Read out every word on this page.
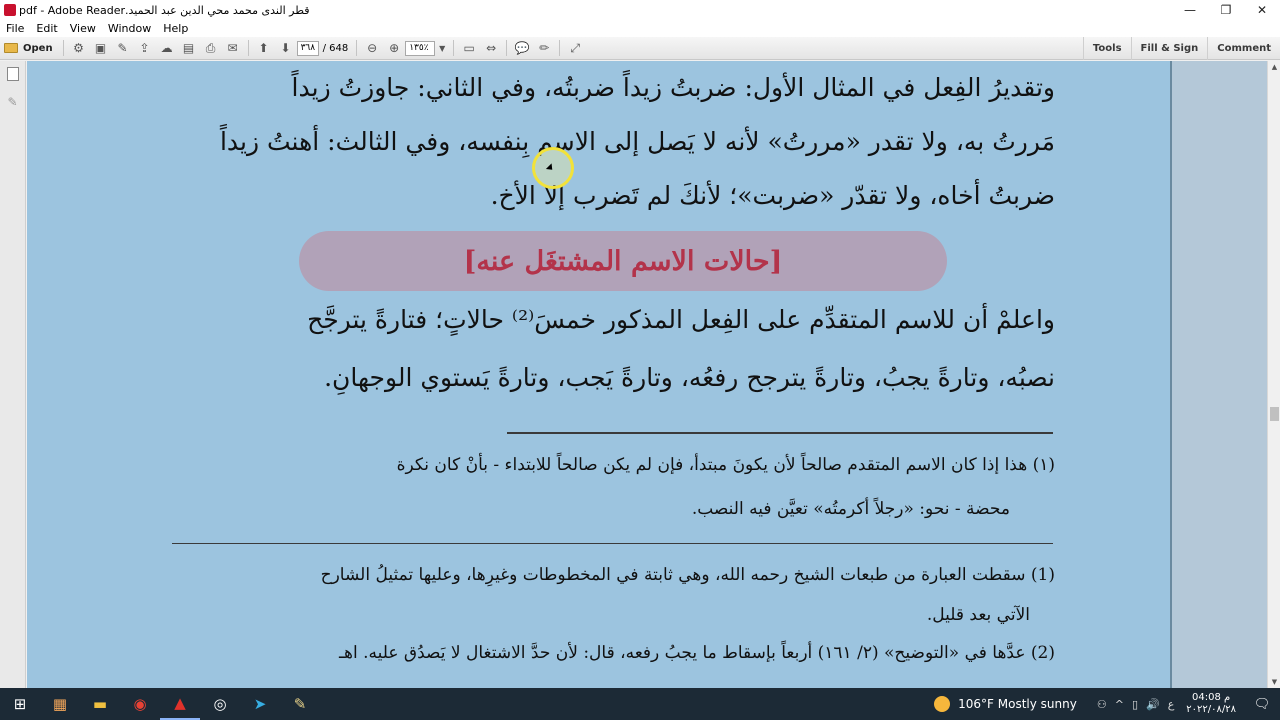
قطر الندى محمد محي الدين عبد الحميد.pdf - Adobe Reader	—	❐	✕
File	Edit	View	Window	Help
Open	⚙ ▣ ✎ ⇪ ☁ ▤ ⎙	✉	⬆ ⬇	٣٦٨ / 648	⊖ ⊕	١٣٥٪	▼ ▭ ⇔	💬 ✏	⤢	Tools	Fill & Sign	Comment
✎	وتقديرُ الفِعل في المثال الأول: ضربتُ زيداً ضربتُه، وفي الثاني: جاوزتُ زيداً
مَررتُ به، ولا تقدر «مررتُ» لأنه لا يَصل إلى الاسم بِنفسه، وفي الثالث: أهنتُ زيداً
ضربتُ أخاه، ولا تقدّر «ضربت»؛ لأنكَ لم تَضرب إلا الأخ.
[حالات الاسم المشتغَل عنه]
واعلمْ أن للاسم المتقدِّم على الفِعل المذكور خمسَ⁽²⁾ حالاتٍ؛ فتارةً يترجَّح
نصبُه، وتارةً يجبُ، وتارةً يترجح رفعُه، وتارةً يَجب، وتارةً يَستوي الوجهانِ.
(١) هذا إذا كان الاسم المتقدم صالحاً لأن يكونَ مبتدأ، فإن لم يكن صالحاً للابتداء - بأنْ كان نكرة
محضة - نحو: «رجلاً أكرمتُه» تعيَّن فيه النصب.
(1) سقطت العبارة من طبعات الشيخ رحمه الله، وهي ثابتة في المخطوطات وغيرِها، وعليها تمثيلُ الشارح
الآتي بعد قليل.
(2) عدَّها في «التوضيح» (٢/ ١٦١) أربعاً بإسقاط ما يجبُ رفعه، قال: لأن حدَّ الاشتغال لا يَصدُق عليه. اهـ
▲
▼
⊞	▦	▬	◉	▲	◎	➤	✎	106°F Mostly sunny ⚇ ^ ▯ 🔊 ع	04:08 م
٢٠٢٢/٠٨/٢٨	🗨
